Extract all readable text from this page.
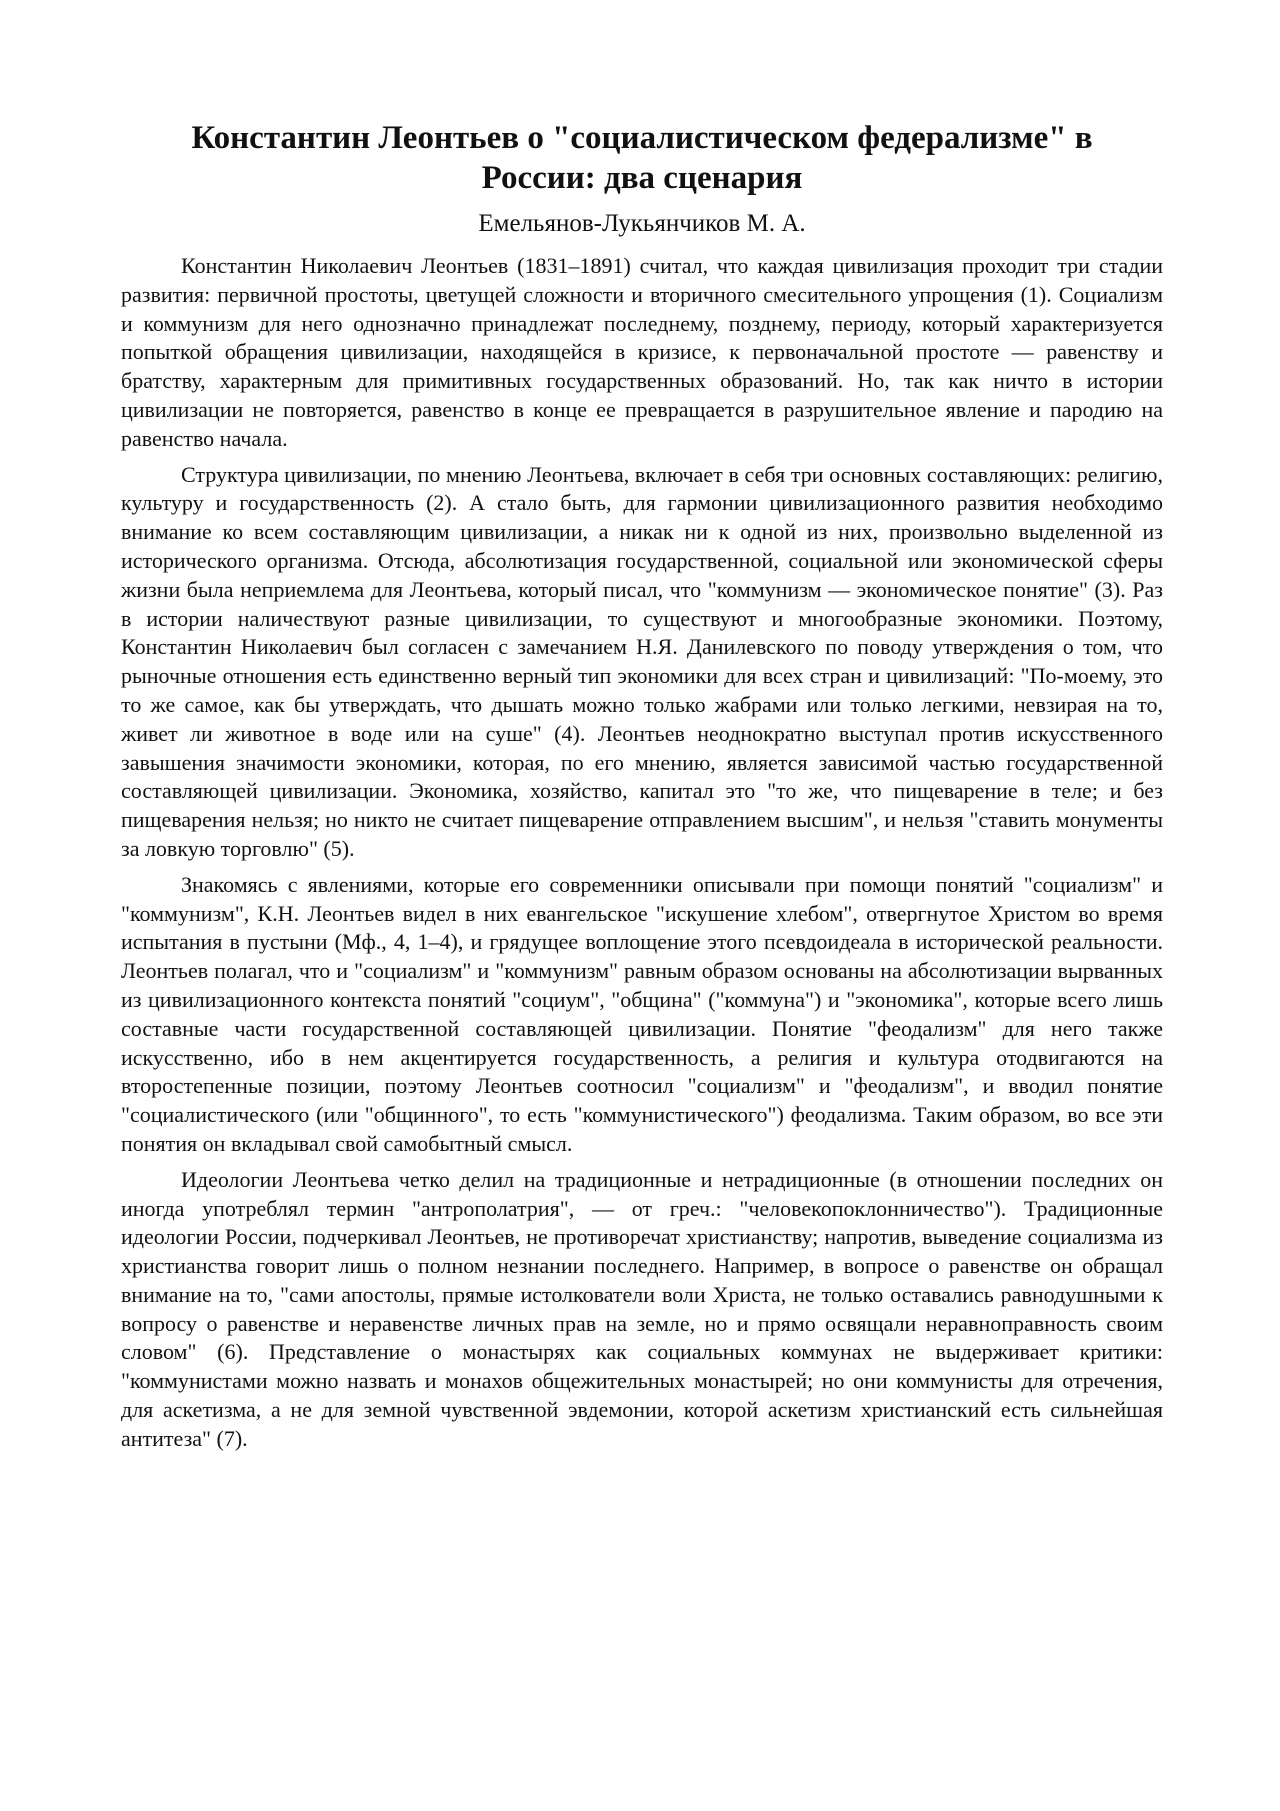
Константин Леонтьев о "социалистическом федерализме" в
России: два сценария
Емельянов-Лукьянчиков М. А.

Константин Николаевич Леонтьев (1831–1891) считал, что каждая цивилизация проходит три стадии развития: первичной простоты, цветущей сложности и вторичного смесительного упрощения (1). Социализм и коммунизм для него однозначно принадлежат последнему, позднему, периоду, который характеризуется попыткой обращения цивилизации, находящейся в кризисе, к первоначальной простоте — равенству и братству, характерным для примитивных государственных образований. Но, так как ничто в истории цивилизации не повторяется, равенство в конце ее превращается в разрушительное явление и пародию на равенство начала.

Структура цивилизации, по мнению Леонтьева, включает в себя три основных составляющих: религию, культуру и государственность (2). А стало быть, для гармонии цивилизационного развития необходимо внимание ко всем составляющим цивилизации, а никак ни к одной из них, произвольно выделенной из исторического организма. Отсюда, абсолютизация государственной, социальной или экономической сферы жизни была неприемлема для Леонтьева, который писал, что "коммунизм — экономическое понятие" (3). Раз в истории наличествуют разные цивилизации, то существуют и многообразные экономики. Поэтому, Константин Николаевич был согласен с замечанием Н.Я. Данилевского по поводу утверждения о том, что рыночные отношения есть единственно верный тип экономики для всех стран и цивилизаций: "По-моему, это то же самое, как бы утверждать, что дышать можно только жабрами или только легкими, невзирая на то, живет ли животное в воде или на суше" (4). Леонтьев неоднократно выступал против искусственного завышения значимости экономики, которая, по его мнению, является зависимой частью государственной составляющей цивилизации. Экономика, хозяйство, капитал это "то же, что пищеварение в теле; и без пищеварения нельзя; но никто не считает пищеварение отправлением высшим", и нельзя "ставить монументы за ловкую торговлю" (5).

Знакомясь с явлениями, которые его современники описывали при помощи понятий "социализм" и "коммунизм", К.Н. Леонтьев видел в них евангельское "искушение хлебом", отвергнутое Христом во время испытания в пустыни (Мф., 4, 1–4), и грядущее воплощение этого псевдоидеала в исторической реальности. Леонтьев полагал, что и "социализм" и "коммунизм" равным образом основаны на абсолютизации вырванных из цивилизационного контекста понятий "социум", "община" ("коммуна") и "экономика", которые всего лишь составные части государственной составляющей цивилизации. Понятие "феодализм" для него также искусственно, ибо в нем акцентируется государственность, а религия и культура отодвигаются на второстепенные позиции, поэтому Леонтьев соотносил "социализм" и "феодализм", и вводил понятие "социалистического (или "общинного", то есть "коммунистического") феодализма. Таким образом, во все эти понятия он вкладывал свой самобытный смысл.

Идеологии Леонтьева четко делил на традиционные и нетрадиционные (в отношении последних он иногда употреблял термин "антрополатрия", — от греч.: "человекопоклонничество"). Традиционные идеологии России, подчеркивал Леонтьев, не противоречат христианству; напротив, выведение социализма из христианства говорит лишь о полном незнании последнего. Например, в вопросе о равенстве он обращал внимание на то, "сами апостолы, прямые истолкователи воли Христа, не только оставались равнодушными к вопросу о равенстве и неравенстве личных прав на земле, но и прямо освящали неравноправность своим словом" (6). Представление о монастырях как социальных коммунах не выдерживает критики: "коммунистами можно назвать и монахов общежительных монастырей; но они коммунисты для отречения, для аскетизма, а не для земной чувственной эвдемонии, которой аскетизм христианский есть сильнейшая антитеза" (7).
